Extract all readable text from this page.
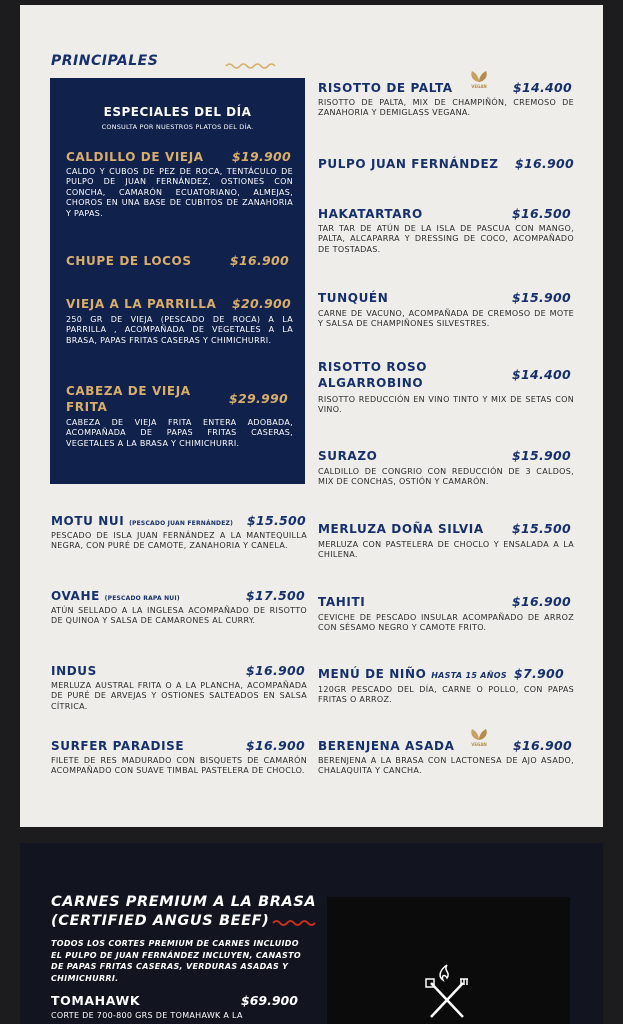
PRINCIPALES
ESPECIALES DEL DÍA
CONSULTA POR NUESTROS PLATOS DEL DÍA.
CALDILLO DE VIEJA	$19.900
CALDO Y CUBOS DE PEZ DE ROCA, TENTÁCULO DE PULPO DE JUAN FERNÁNDEZ, OSTIONES CON CONCHA, CAMARÓN ECUATORIANO, ALMEJAS, CHOROS EN UNA BASE DE CUBITOS DE ZANAHORIA Y PAPAS.
CHUPE DE LOCOS	$16.900
VIEJA A LA PARRILLA	$20.900
250 GR DE VIEJA (PESCADO DE ROCA) A LA PARRILLA , ACOMPAÑADA DE VEGETALES A LA BRASA, PAPAS FRITAS CASERAS Y CHIMICHURRI.
CABEZA DE VIEJA FRITA
$29.990
CABEZA DE VIEJA FRITA ENTERA ADOBADA, ACOMPAÑADA DE PAPAS FRITAS CASERAS, VEGETALES A LA BRASA Y CHIMICHURRI.
MOTU NUI (PESCADO JUAN FERNÁNDEZ)	$15.500
PESCADO DE ISLA JUAN FERNÁNDEZ A LA MANTEQUILLA NEGRA, CON PURÉ DE CAMOTE, ZANAHORIA Y CANELA.
OVAHE (PESCADO RAPA NUI)	$17.500
ATÚN SELLADO A LA INGLESA ACOMPAÑADO DE RISOTTO DE QUINOA Y SALSA DE CAMARONES AL CURRY.
INDUS	$16.900
MERLUZA AUSTRAL FRITA O A LA PLANCHA, ACOMPAÑADA DE PURÉ DE ARVEJAS Y OSTIONES SALTEADOS EN SALSA CÍTRICA.
SURFER PARADISE	$16.900
FILETE DE RES MADURADO CON BISQUETS DE CAMARÓN ACOMPAÑADO CON SUAVE TIMBAL PASTELERA DE CHOCLO.
RISOTTO DE PALTA	VEGAN $14.400
RISOTTO DE PALTA, MIX DE CHAMPIÑÓN, CREMOSO DE ZANAHORIA Y DEMIGLASS VEGANA.
PULPO JUAN FERNÁNDEZ	$16.900
HAKATARTARO	$16.500
TAR TAR DE ATÚN DE LA ISLA DE PASCUA CON MANGO, PALTA, ALCAPARRA Y DRESSING DE COCO, ACOMPAÑADO DE TOSTADAS.
TUNQUÉN	$15.900
CARNE DE VACUNO, ACOMPAÑADA DE CREMOSO DE MOTE Y SALSA DE CHAMPIÑONES SILVESTRES.
RISOTTO ROSO ALGARROBINO
$14.400
RISOTTO REDUCCIÓN EN VINO TINTO Y MIX DE SETAS CON VINO.
SURAZO	$15.900
CALDILLO DE CONGRIO CON REDUCCIÓN DE 3 CALDOS, MIX DE CONCHAS, OSTIÓN Y CAMARÓN.
MERLUZA DOÑA SILVIA	$15.500
MERLUZA CON PASTELERA DE CHOCLO Y ENSALADA A LA CHILENA.
TAHITI	$16.900
CEVICHE DE PESCADO INSULAR ACOMPAÑADO DE ARROZ CON SÉSAMO NEGRO Y CAMOTE FRITO.
MENÚ DE NIÑO HASTA 15 AÑOS $7.900
120GR PESCADO DEL DÍA, CARNE O POLLO, CON PAPAS FRITAS O ARROZ.
BERENJENA ASADA	VEGAN $16.900
BERENJENA A LA BRASA CON LACTONESA DE AJO ASADO, CHALAQUITA Y CANCHA.
CARNES PREMIUM A LA BRASA
(CERTIFIED ANGUS BEEF)
TODOS LOS CORTES PREMIUM DE CARNES INCLUIDO EL PULPO DE JUAN FERNÁNDEZ INCLUYEN, CANASTO DE PAPAS FRITAS CASERAS, VERDURAS ASADAS Y CHIMICHURRI.
TOMAHAWK	$69.900
CORTE DE 700-800 GRS DE TOMAHAWK A LA
